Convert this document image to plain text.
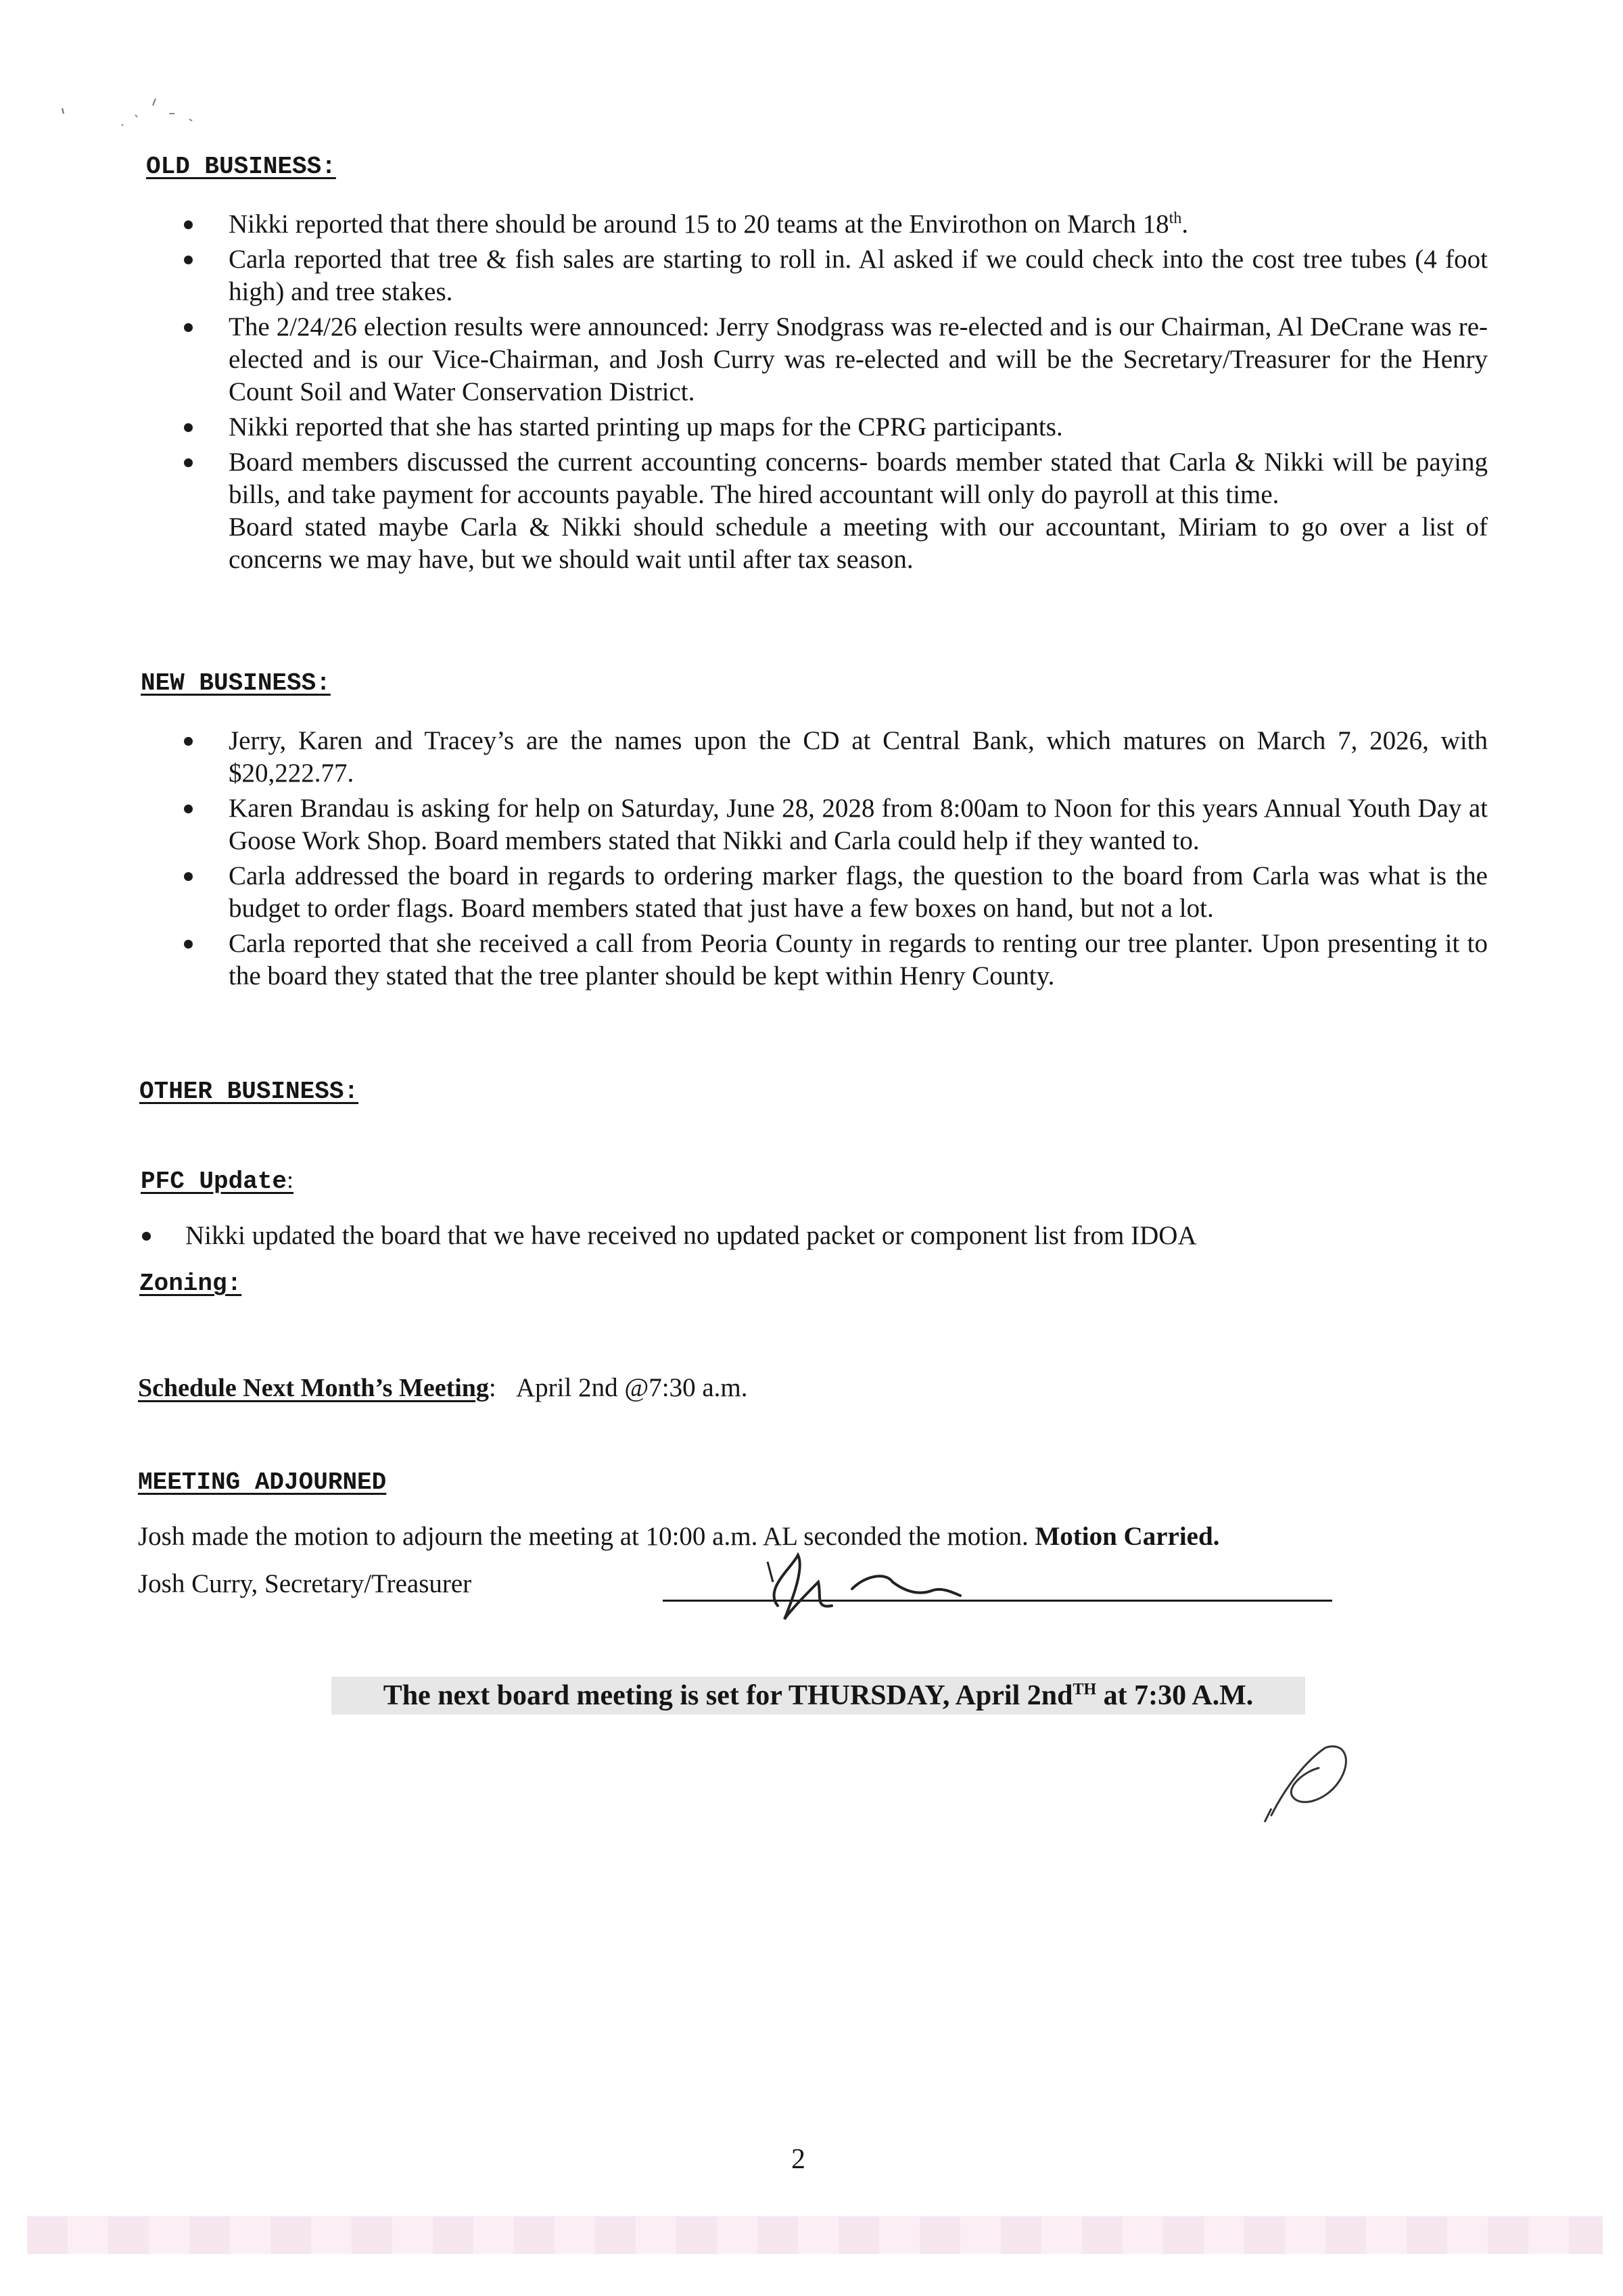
OLD BUSINESS:
Nikki reported that there should be around 15 to 20 teams at the Envirothon on March 18th.
Carla reported that tree & fish sales are starting to roll in. Al asked if we could check into the cost tree tubes (4 foot high) and tree stakes.
The 2/24/26 election results were announced: Jerry Snodgrass was re-elected and is our Chairman, Al DeCrane was re-elected and is our Vice-Chairman, and Josh Curry was re-elected and will be the Secretary/Treasurer for the Henry Count Soil and Water Conservation District.
Nikki reported that she has started printing up maps for the CPRG participants.
Board members discussed the current accounting concerns- boards member stated that Carla & Nikki will be paying bills, and take payment for accounts payable. The hired accountant will only do payroll at this time.
Board stated maybe Carla & Nikki should schedule a meeting with our accountant, Miriam to go over a list of concerns we may have, but we should wait until after tax season.
NEW BUSINESS:
Jerry, Karen and Tracey’s are the names upon the CD at Central Bank, which matures on March 7, 2026, with $20,222.77.
Karen Brandau is asking for help on Saturday, June 28, 2028 from 8:00am to Noon for this years Annual Youth Day at Goose Work Shop. Board members stated that Nikki and Carla could help if they wanted to.
Carla addressed the board in regards to ordering marker flags, the question to the board from Carla was what is the budget to order flags. Board members stated that just have a few boxes on hand, but not a lot.
Carla reported that she received a call from Peoria County in regards to renting our tree planter. Upon presenting it to the board they stated that the tree planter should be kept within Henry County.
OTHER BUSINESS:
PFC Update:
Nikki updated the board that we have received no updated packet or component list from IDOA
Zoning:

Schedule Next Month’s Meeting: April 2nd @7:30 a.m.

MEETING ADJOURNED

Josh made the motion to adjourn the meeting at 10:00 a.m. AL seconded the motion. Motion Carried.

Josh Curry, Secretary/Treasurer

The next board meeting is set for THURSDAY, April $2nd^{TH}$ at 7:30 A.M.
2
